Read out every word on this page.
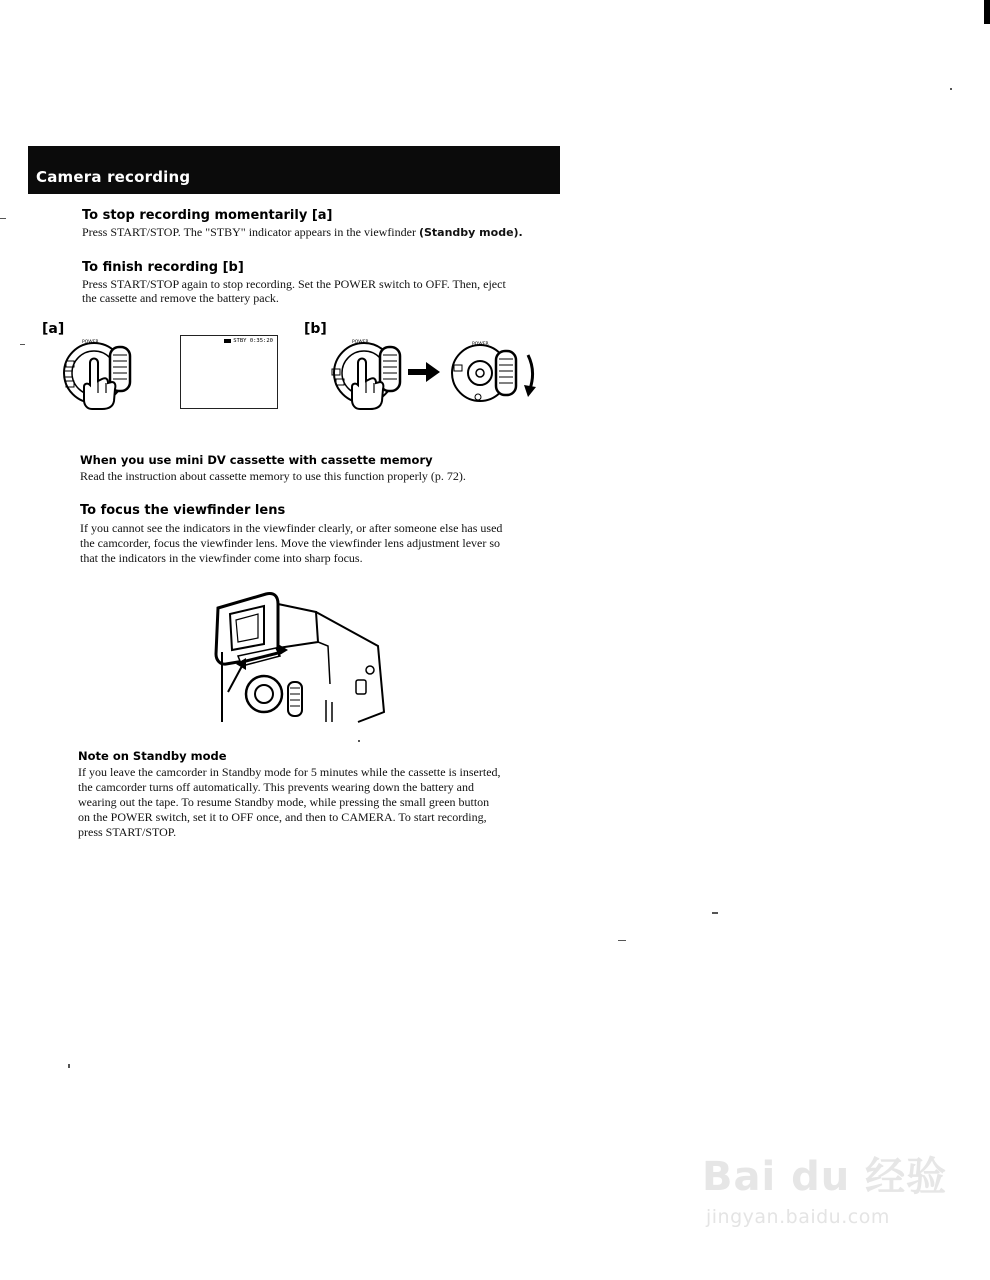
Camera recording
To stop recording momentarily [a]
Press START/STOP. The "STBY" indicator appears in the viewfinder (Standby mode).
To finish recording [b]
Press START/STOP again to stop recording. Set the POWER switch to OFF. Then, eject
the cassette and remove the battery pack.
[a]	[b]
POWER	STBY 0:35:20	POWER	POWER
When you use mini DV cassette with cassette memory
Read the instruction about cassette memory to use this function properly (p. 72).
To focus the viewfinder lens
If you cannot see the indicators in the viewfinder clearly, or after someone else has used
the camcorder, focus the viewfinder lens. Move the viewfinder lens adjustment lever so
that the indicators in the viewfinder come into sharp focus.
Note on Standby mode
If you leave the camcorder in Standby mode for 5 minutes while the cassette is inserted,
the camcorder turns off automatically. This prevents wearing down the battery and
wearing out the tape. To resume Standby mode, while pressing the small green button
on the POWER switch, set it to OFF once, and then to CAMERA. To start recording,
press START/STOP.
Bai du 经验
jingyan.baidu.com
